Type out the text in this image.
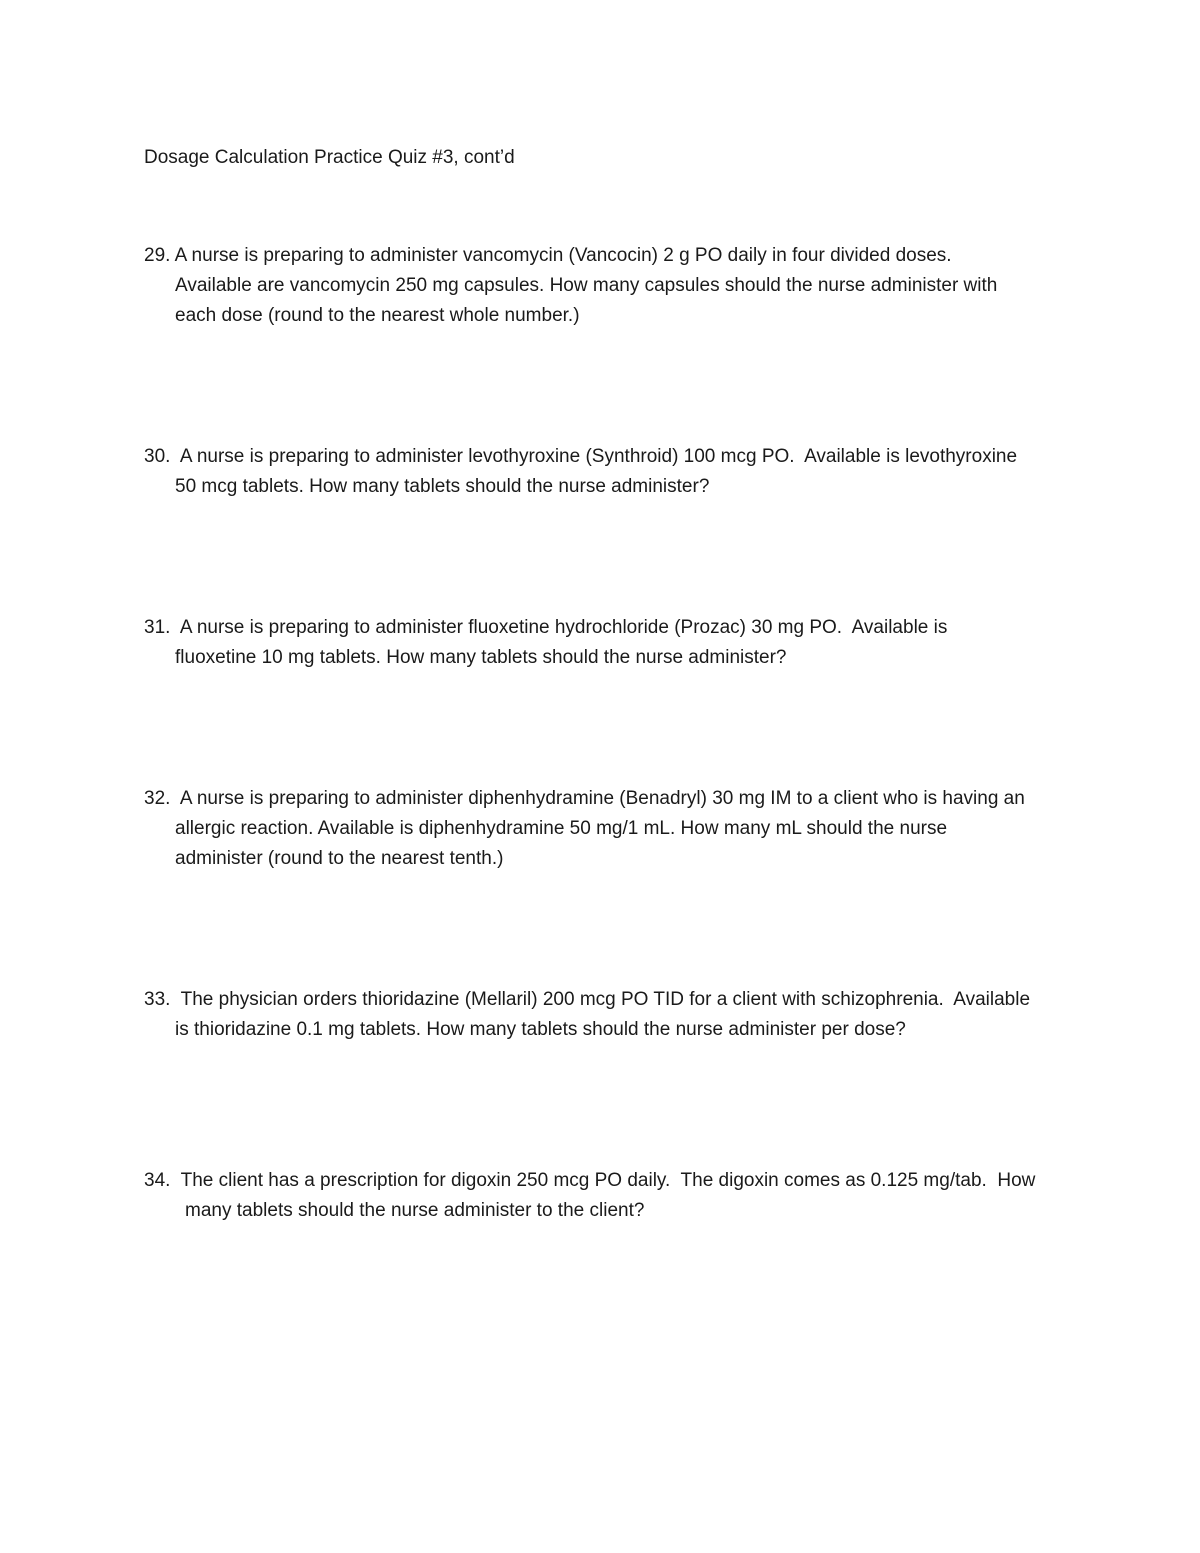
Dosage Calculation Practice Quiz #3, cont’d
29. A nurse is preparing to administer vancomycin (Vancocin) 2 g PO daily in four divided doses.
Available are vancomycin 250 mg capsules. How many capsules should the nurse administer with
each dose (round to the nearest whole number.)
30.  A nurse is preparing to administer levothyroxine (Synthroid) 100 mcg PO.  Available is levothyroxine
50 mcg tablets. How many tablets should the nurse administer?
31.  A nurse is preparing to administer fluoxetine hydrochloride (Prozac) 30 mg PO.  Available is
fluoxetine 10 mg tablets. How many tablets should the nurse administer?
32.  A nurse is preparing to administer diphenhydramine (Benadryl) 30 mg IM to a client who is having an
allergic reaction. Available is diphenhydramine 50 mg/1 mL. How many mL should the nurse
administer (round to the nearest tenth.)
33.  The physician orders thioridazine (Mellaril) 200 mcg PO TID for a client with schizophrenia.  Available
is thioridazine 0.1 mg tablets. How many tablets should the nurse administer per dose?
34.  The client has a prescription for digoxin 250 mcg PO daily.  The digoxin comes as 0.125 mg/tab.  How
many tablets should the nurse administer to the client?
